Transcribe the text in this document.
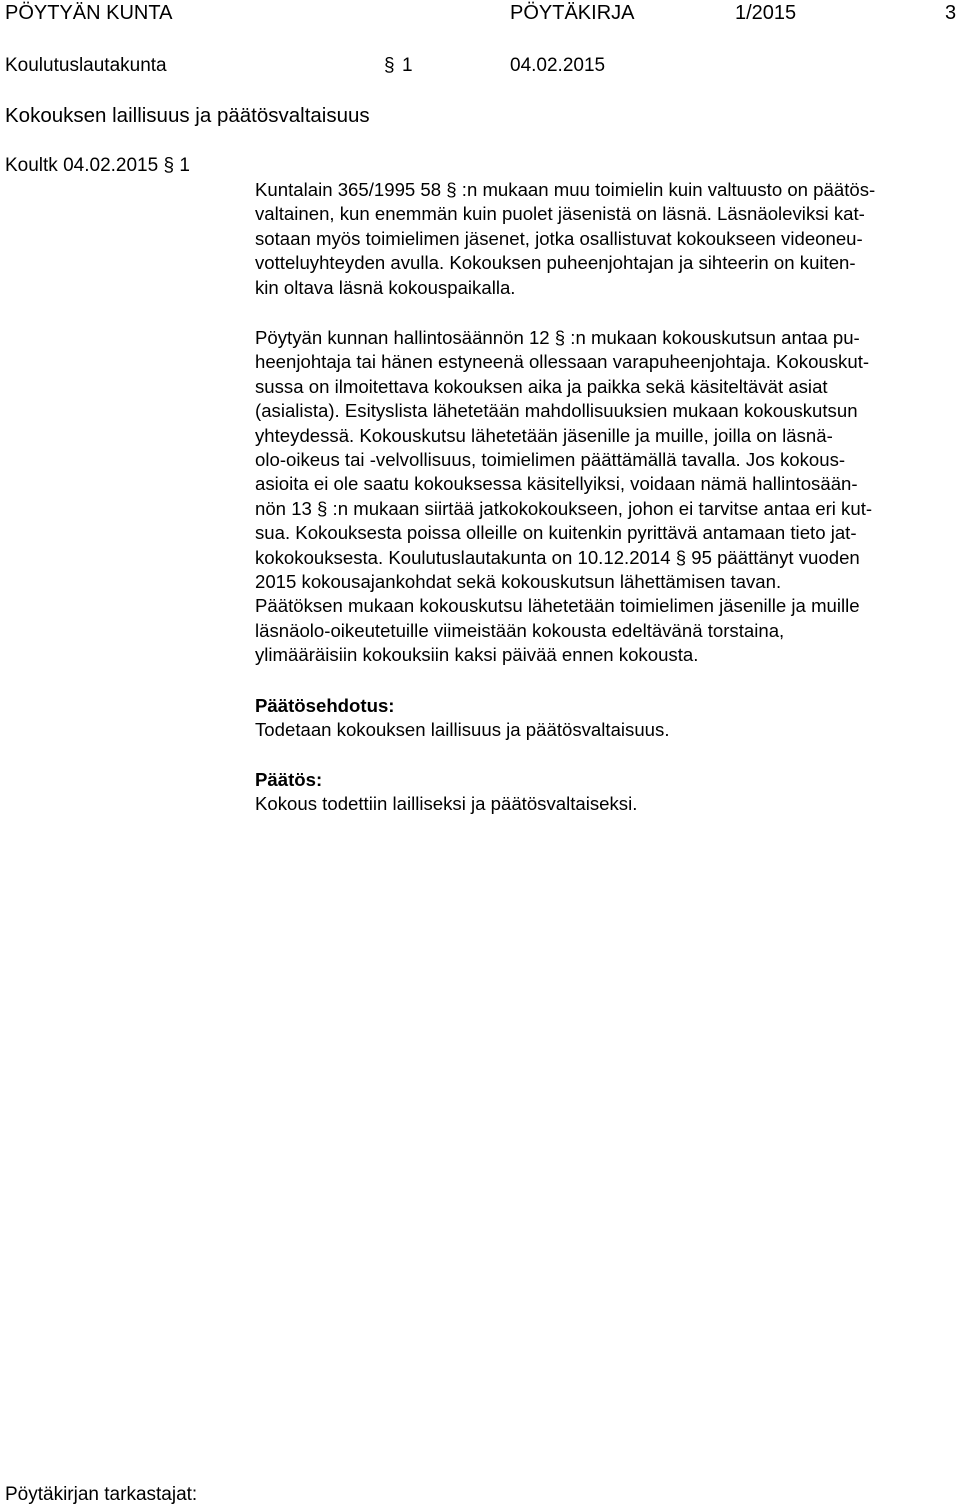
PÖYTYÄN KUNTA	PÖYTÄKIRJA	1/2015	3
Koulutuslautakunta	§ 1	04.02.2015
Kokouksen laillisuus ja päätösvaltaisuus
Koultk 04.02.2015 § 1

Kuntalain 365/1995 58 § :n mukaan muu toimielin kuin valtuusto on päätös-

valtainen, kun enemmän kuin puolet jäsenistä on läsnä. Läsnäoleviksi kat-

sotaan myös toimielimen jäsenet, jotka osallistuvat kokoukseen videoneu-

votteluyhteyden avulla. Kokouksen puheenjohtajan ja sihteerin on kuiten-

kin oltava läsnä kokouspaikalla.

Pöytyän kunnan hallintosäännön 12 § :n mukaan kokouskutsun antaa pu-

heenjohtaja tai hänen estyneenä ollessaan varapuheenjohtaja. Kokouskut-

sussa on ilmoitettava kokouksen aika ja paikka sekä käsiteltävät asiat

(asialista). Esityslista lähetetään mahdollisuuksien mukaan kokouskutsun

yhteydessä. Kokouskutsu lähetetään jäsenille ja muille, joilla on läsnä-

olo-oikeus tai -velvollisuus, toimielimen päättämällä tavalla. Jos kokous-

asioita ei ole saatu kokouksessa käsitellyiksi, voidaan nämä hallintosään-

nön 13 § :n mukaan siirtää jatkokokoukseen, johon ei tarvitse antaa eri kut-

sua. Kokouksesta poissa olleille on kuitenkin pyrittävä antamaan tieto jat-

kokokouksesta. Koulutuslautakunta on 10.12.2014 § 95 päättänyt vuoden

2015 kokousajankohdat sekä kokouskutsun lähettämisen tavan.

Päätöksen mukaan kokouskutsu lähetetään toimielimen jäsenille ja muille

läsnäolo-oikeutetuille viimeistään kokousta edeltävänä torstaina,

ylimääräisiin kokouksiin kaksi päivää ennen kokousta.

Päätösehdotus:

Todetaan kokouksen laillisuus ja päätösvaltaisuus.

Päätös:

Kokous todettiin lailliseksi ja päätösvaltaiseksi.

Pöytäkirjan tarkastajat:
